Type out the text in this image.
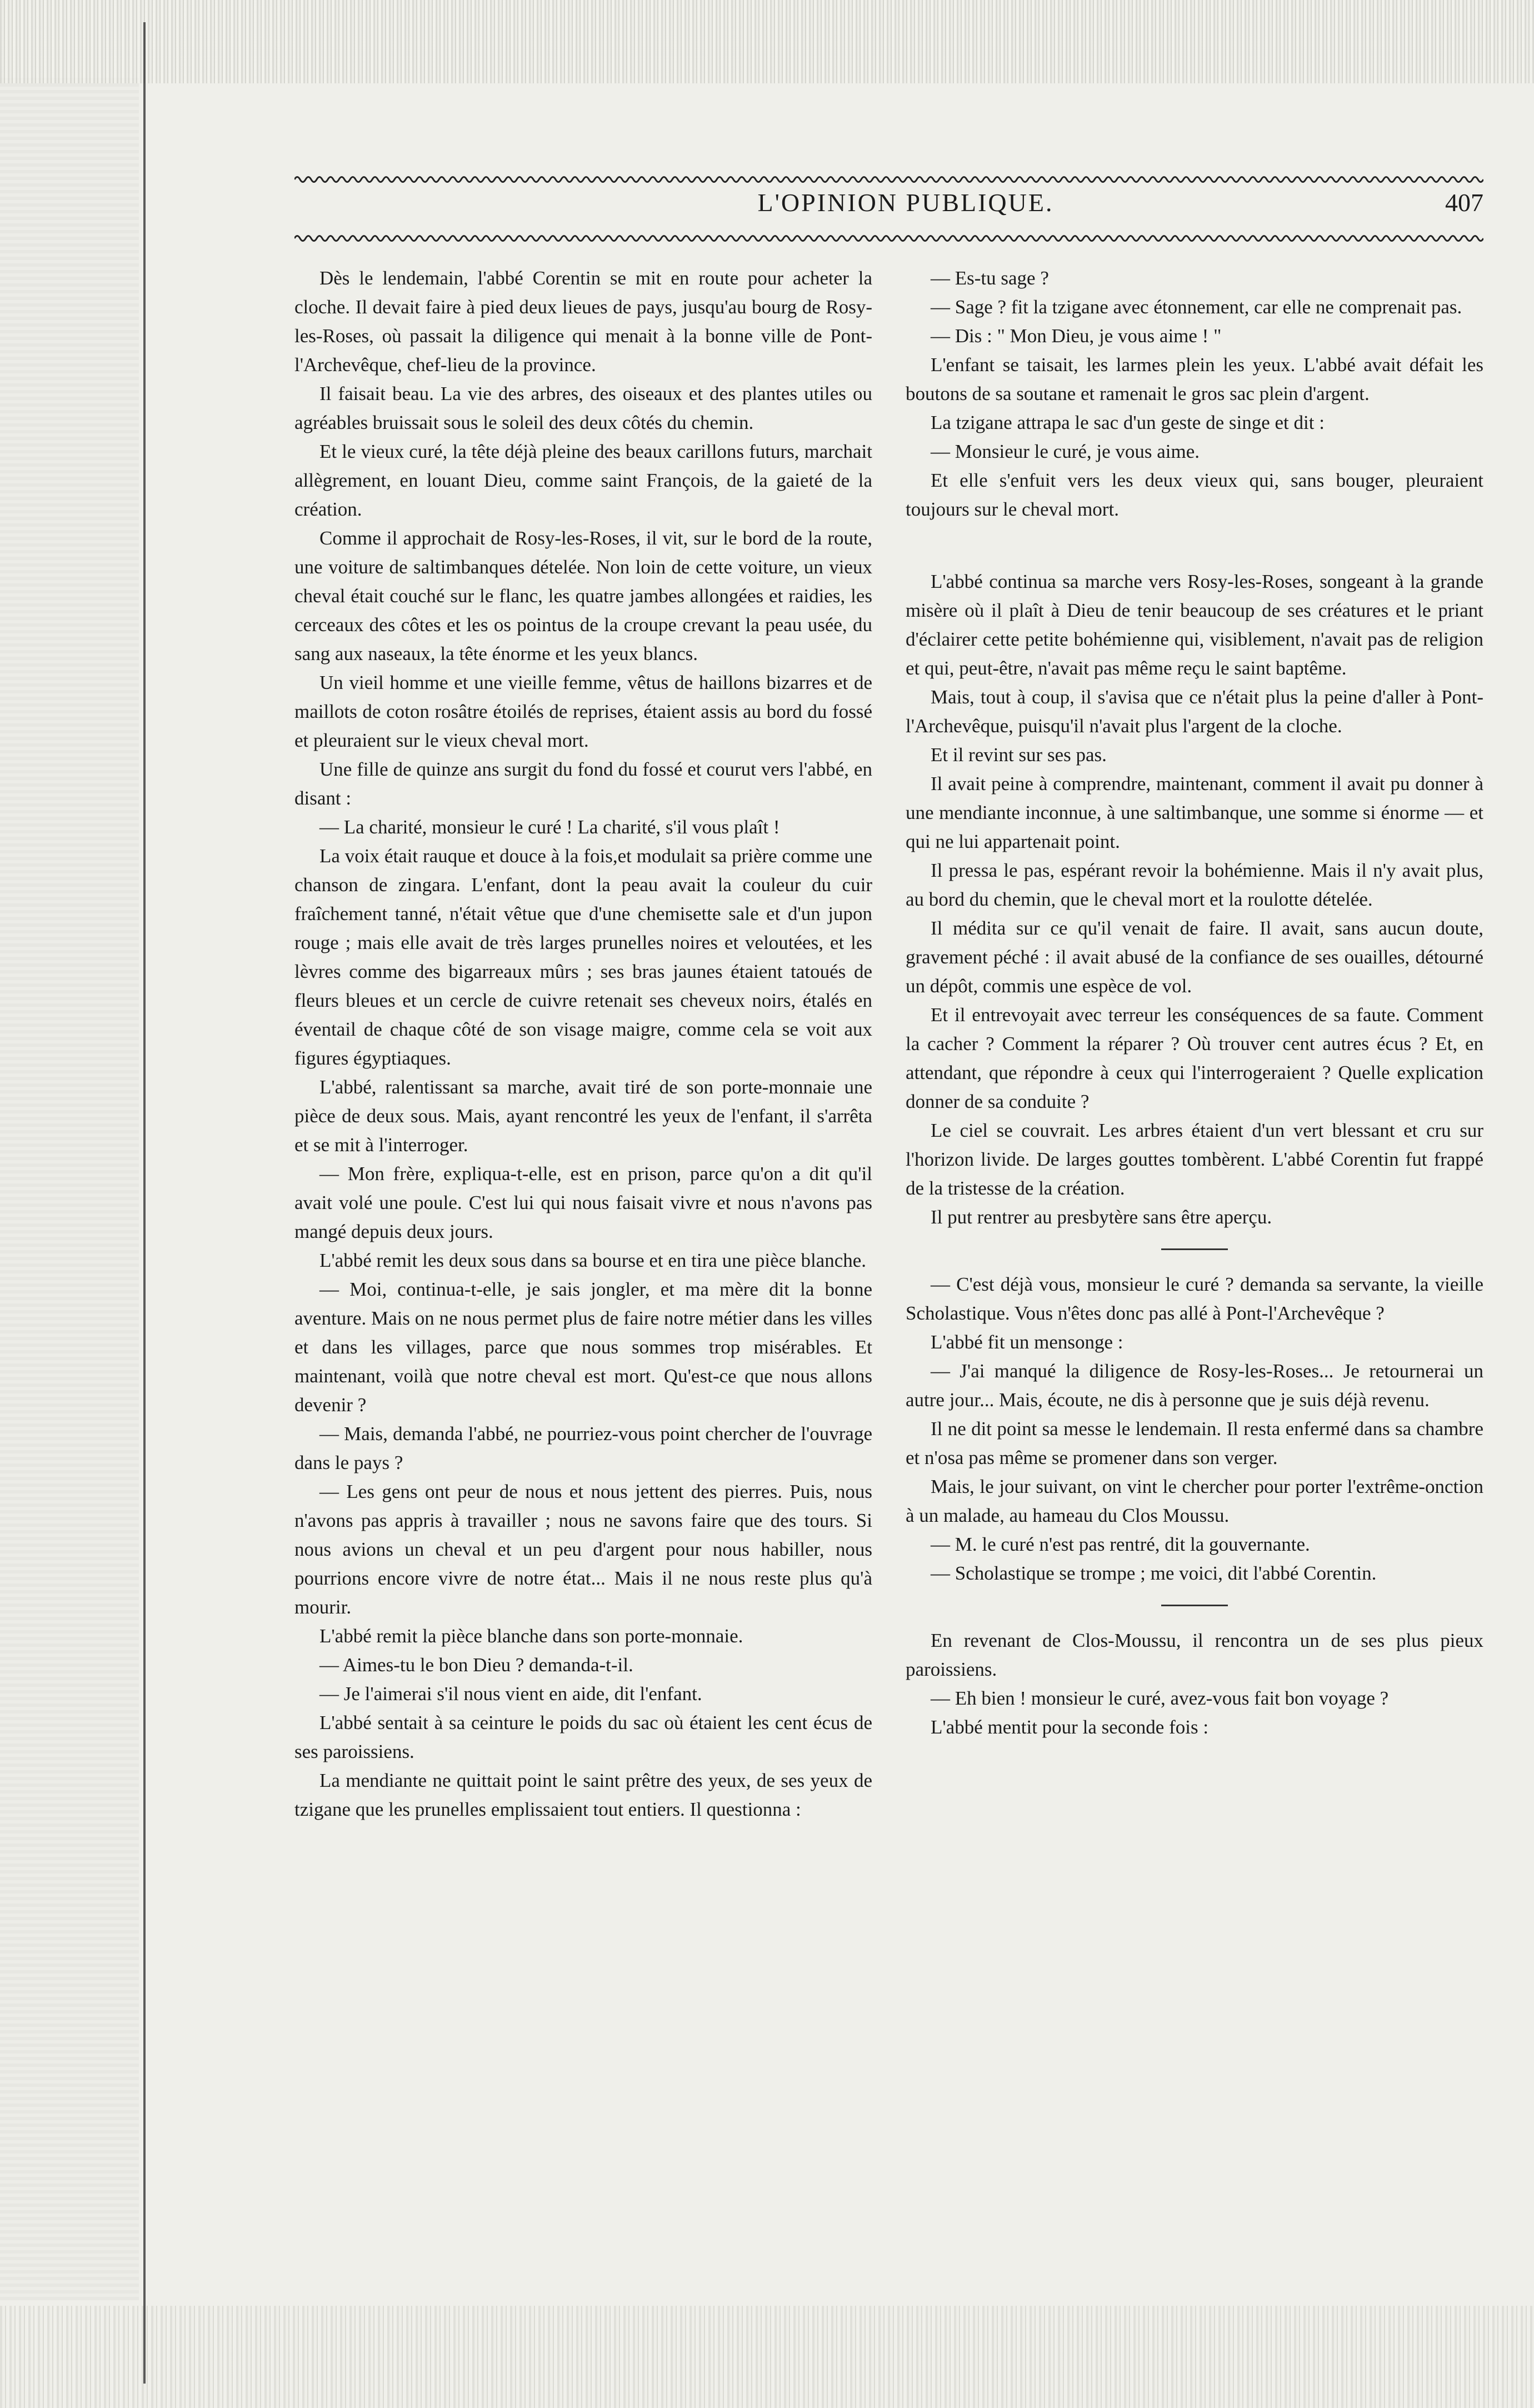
L'OPINION PUBLIQUE.	407

Dès le lendemain, l'abbé Corentin se mit en route pour acheter la cloche. Il devait faire à pied deux lieues de pays, jusqu'au bourg de Rosy-les-Roses, où passait la diligence qui menait à la bonne ville de Pont-l'Archevêque, chef-lieu de la province.

Il faisait beau. La vie des arbres, des oiseaux et des plantes utiles ou agréables bruissait sous le soleil des deux côtés du chemin.

Et le vieux curé, la tête déjà pleine des beaux carillons futurs, marchait allègrement, en louant Dieu, comme saint François, de la gaieté de la création.

Comme il approchait de Rosy-les-Roses, il vit, sur le bord de la route, une voiture de saltimbanques dételée. Non loin de cette voiture, un vieux cheval était couché sur le flanc, les quatre jambes allongées et raidies, les cerceaux des côtes et les os pointus de la croupe crevant la peau usée, du sang aux naseaux, la tête énorme et les yeux blancs.

Un vieil homme et une vieille femme, vêtus de haillons bizarres et de maillots de coton rosâtre étoilés de reprises, étaient assis au bord du fossé et pleuraient sur le vieux cheval mort.

Une fille de quinze ans surgit du fond du fossé et courut vers l'abbé, en disant :

— La charité, monsieur le curé ! La charité, s'il vous plaît !

La voix était rauque et douce à la fois,et modulait sa prière comme une chanson de zingara. L'enfant, dont la peau avait la couleur du cuir fraîchement tanné, n'était vêtue que d'une chemisette sale et d'un jupon rouge ; mais elle avait de très larges prunelles noires et veloutées, et les lèvres comme des bigarreaux mûrs ; ses bras jaunes étaient tatoués de fleurs bleues et un cercle de cuivre retenait ses cheveux noirs, étalés en éventail de chaque côté de son visage maigre, comme cela se voit aux figures égyptiaques.

L'abbé, ralentissant sa marche, avait tiré de son porte-monnaie une pièce de deux sous. Mais, ayant rencontré les yeux de l'enfant, il s'arrêta et se mit à l'interroger.

— Mon frère, expliqua-t-elle, est en prison, parce qu'on a dit qu'il avait volé une poule. C'est lui qui nous faisait vivre et nous n'avons pas mangé depuis deux jours.

L'abbé remit les deux sous dans sa bourse et en tira une pièce blanche.

— Moi, continua-t-elle, je sais jongler, et ma mère dit la bonne aventure. Mais on ne nous permet plus de faire notre métier dans les villes et dans les villages, parce que nous sommes trop misérables. Et maintenant, voilà que notre cheval est mort. Qu'est-ce que nous allons devenir ?

— Mais, demanda l'abbé, ne pourriez-vous point chercher de l'ouvrage dans le pays ?

— Les gens ont peur de nous et nous jettent des pierres. Puis, nous n'avons pas appris à travailler ; nous ne savons faire que des tours. Si nous avions un cheval et un peu d'argent pour nous habiller, nous pourrions encore vivre de notre état... Mais il ne nous reste plus qu'à mourir.

L'abbé remit la pièce blanche dans son porte-monnaie.

— Aimes-tu le bon Dieu ? demanda-t-il.

— Je l'aimerai s'il nous vient en aide, dit l'enfant.

L'abbé sentait à sa ceinture le poids du sac où étaient les cent écus de ses paroissiens.

La mendiante ne quittait point le saint prêtre des yeux, de ses yeux de tzigane que les prunelles emplissaient tout entiers. Il questionna :

— Es-tu sage ?

— Sage ? fit la tzigane avec étonnement, car elle ne comprenait pas.

— Dis : " Mon Dieu, je vous aime ! "

L'enfant se taisait, les larmes plein les yeux. L'abbé avait défait les boutons de sa soutane et ramenait le gros sac plein d'argent.

La tzigane attrapa le sac d'un geste de singe et dit :

— Monsieur le curé, je vous aime.

Et elle s'enfuit vers les deux vieux qui, sans bouger, pleuraient toujours sur le cheval mort.

L'abbé continua sa marche vers Rosy-les-Roses, songeant à la grande misère où il plaît à Dieu de tenir beaucoup de ses créatures et le priant d'éclairer cette petite bohémienne qui, visiblement, n'avait pas de religion et qui, peut-être, n'avait pas même reçu le saint baptême.

Mais, tout à coup, il s'avisa que ce n'était plus la peine d'aller à Pont-l'Archevêque, puisqu'il n'avait plus l'argent de la cloche.

Et il revint sur ses pas.

Il avait peine à comprendre, maintenant, comment il avait pu donner à une mendiante inconnue, à une saltimbanque, une somme si énorme — et qui ne lui appartenait point.

Il pressa le pas, espérant revoir la bohémienne. Mais il n'y avait plus, au bord du chemin, que le cheval mort et la roulotte dételée.

Il médita sur ce qu'il venait de faire. Il avait, sans aucun doute, gravement péché : il avait abusé de la confiance de ses ouailles, détourné un dépôt, commis une espèce de vol.

Et il entrevoyait avec terreur les conséquences de sa faute. Comment la cacher ? Comment la réparer ? Où trouver cent autres écus ? Et, en attendant, que répondre à ceux qui l'interrogeraient ? Quelle explication donner de sa conduite ?

Le ciel se couvrait. Les arbres étaient d'un vert blessant et cru sur l'horizon livide. De larges gouttes tombèrent. L'abbé Corentin fut frappé de la tristesse de la création.

Il put rentrer au presbytère sans être aperçu.

— C'est déjà vous, monsieur le curé ? demanda sa servante, la vieille Scholastique. Vous n'êtes donc pas allé à Pont-l'Archevêque ?

L'abbé fit un mensonge :

— J'ai manqué la diligence de Rosy-les-Roses... Je retournerai un autre jour... Mais, écoute, ne dis à personne que je suis déjà revenu.

Il ne dit point sa messe le lendemain. Il resta enfermé dans sa chambre et n'osa pas même se promener dans son verger.

Mais, le jour suivant, on vint le chercher pour porter l'extrême-onction à un malade, au hameau du Clos Moussu.

— M. le curé n'est pas rentré, dit la gouvernante.

— Scholastique se trompe ; me voici, dit l'abbé Corentin.

En revenant de Clos-Moussu, il rencontra un de ses plus pieux paroissiens.

— Eh bien ! monsieur le curé, avez-vous fait bon voyage ?

L'abbé mentit pour la seconde fois :
